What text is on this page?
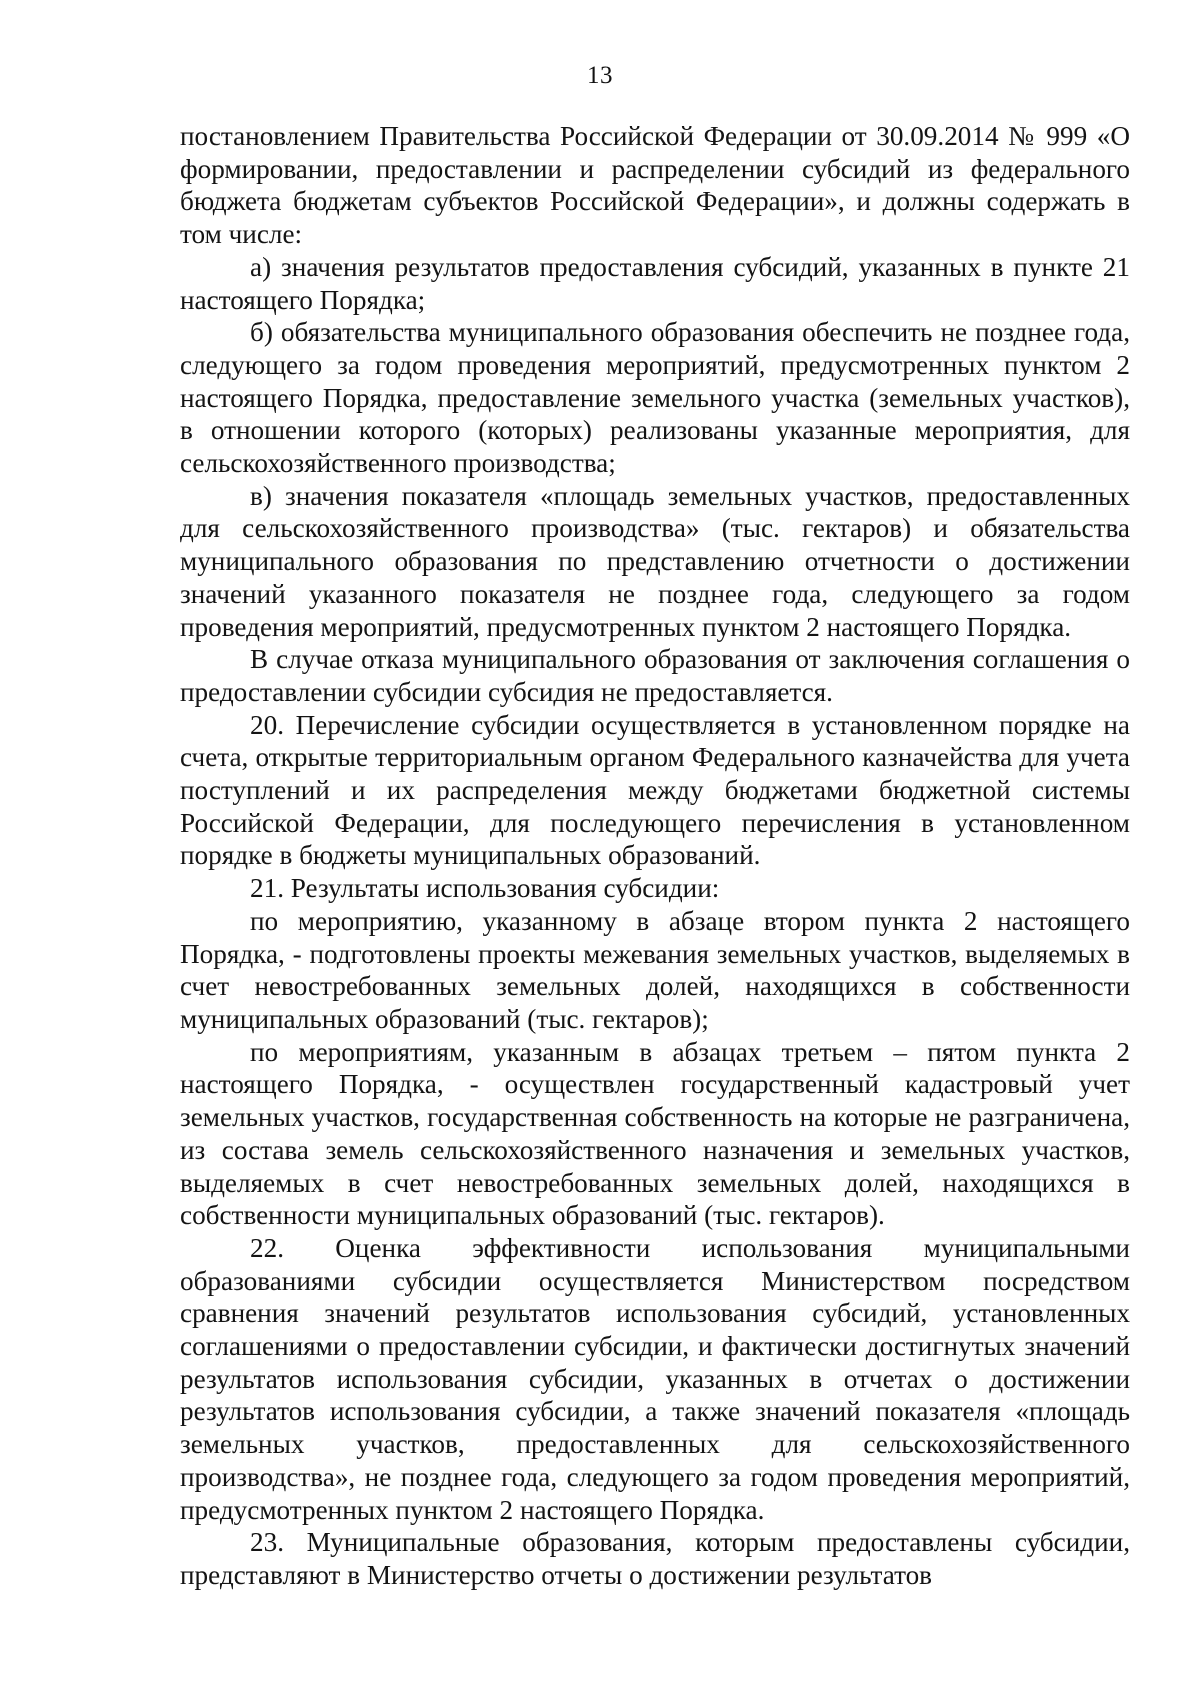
13

постановлением Правительства Российской Федерации от 30.09.2014 № 999 «О формировании, предоставлении и распределении субсидий из федерального бюджета бюджетам субъектов Российской Федерации», и должны содержать в том числе:

а) значения результатов предоставления субсидий, указанных в пункте 21 настоящего Порядка;

б) обязательства муниципального образования обеспечить не позднее года, следующего за годом проведения мероприятий, предусмотренных пунктом 2 настоящего Порядка, предоставление земельного участка (земельных участков), в отношении которого (которых) реализованы указанные мероприятия, для сельскохозяйственного производства;

в) значения показателя «площадь земельных участков, предоставленных для сельскохозяйственного производства» (тыс. гектаров) и обязательства муниципального образования по представлению отчетности о достижении значений указанного показателя не позднее года, следующего за годом проведения мероприятий, предусмотренных пунктом 2 настоящего Порядка.

В случае отказа муниципального образования от заключения соглашения о предоставлении субсидии субсидия не предоставляется.

20. Перечисление субсидии осуществляется в установленном порядке на счета, открытые территориальным органом Федерального казначейства для учета поступлений и их распределения между бюджетами бюджетной системы Российской Федерации, для последующего перечисления в установленном порядке в бюджеты муниципальных образований.

21. Результаты использования субсидии:

по мероприятию, указанному в абзаце втором пункта 2 настоящего Порядка, - подготовлены проекты межевания земельных участков, выделяемых в счет невостребованных земельных долей, находящихся в собственности муниципальных образований (тыс. гектаров);

по мероприятиям, указанным в абзацах третьем – пятом пункта 2 настоящего Порядка, - осуществлен государственный кадастровый учет земельных участков, государственная собственность на которые не разграничена, из состава земель сельскохозяйственного назначения и земельных участков, выделяемых в счет невостребованных земельных долей, находящихся в собственности муниципальных образований (тыс. гектаров).

22. Оценка эффективности использования муниципальными образованиями субсидии осуществляется Министерством посредством сравнения значений результатов использования субсидий, установленных соглашениями о предоставлении субсидии, и фактически достигнутых значений результатов использования субсидии, указанных в отчетах о достижении результатов использования субсидии, а также значений показателя «площадь земельных участков, предоставленных для сельскохозяйственного производства», не позднее года, следующего за годом проведения мероприятий, предусмотренных пунктом 2 настоящего Порядка.

23. Муниципальные образования, которым предоставлены субсидии, представляют в Министерство отчеты о достижении результатов
